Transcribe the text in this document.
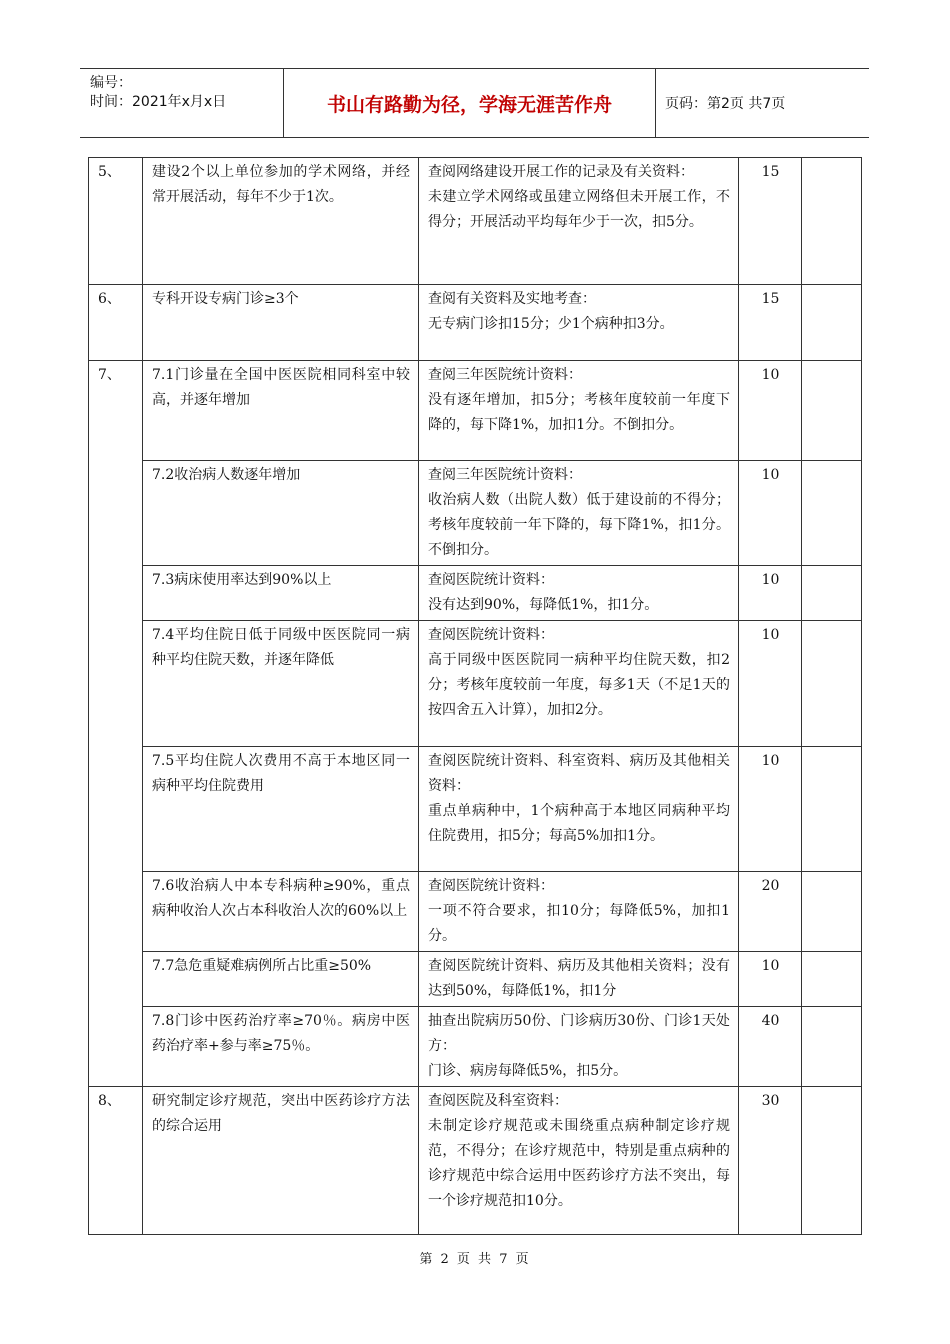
编号：
时间：2021年x月x日	书山有路勤为径，学海无涯苦作舟	页码：第2页 共7页
5、	建设2个以上单位参加的学术网络，并经常开展活动，每年不少于1次。	查阅网络建设开展工作的记录及有关资料：
未建立学术网络或虽建立网络但未开展工作，不得分；开展活动平均每年少于一次，扣5分。	15	
6、	专科开设专病门诊≥3个	查阅有关资料及实地考查：
无专病门诊扣15分；少1个病种扣3分。	15	
7、	7.1门诊量在全国中医医院相同科室中较高，并逐年增加	查阅三年医院统计资料：
没有逐年增加，扣5分；考核年度较前一年度下降的，每下降1%，加扣1分。不倒扣分。	10	
	7.2收治病人数逐年增加	查阅三年医院统计资料：
收治病人数（出院人数）低于建设前的不得分；考核年度较前一年下降的，每下降1%，扣1分。不倒扣分。	10	
	7.3病床使用率达到90%以上	查阅医院统计资料：
没有达到90%，每降低1%，扣1分。	10	
	7.4平均住院日低于同级中医医院同一病种平均住院天数，并逐年降低	查阅医院统计资料：
高于同级中医医院同一病种平均住院天数，扣2分；考核年度较前一年度，每多1天（不足1天的按四舍五入计算），加扣2分。	10	
	7.5平均住院人次费用不高于本地区同一病种平均住院费用	查阅医院统计资料、科室资料、病历及其他相关资料：
重点单病种中，1个病种高于本地区同病种平均住院费用，扣5分；每高5%加扣1分。	10	
	7.6收治病人中本专科病种≥90%，重点病种收治人次占本科收治人次的60%以上	查阅医院统计资料：
一项不符合要求，扣10分；每降低5%，加扣1分。	20	
	7.7急危重疑难病例所占比重≥50%	查阅医院统计资料、病历及其他相关资料；没有达到50%，每降低1%，扣1分	10	
	7.8门诊中医药治疗率≥70％。病房中医药治疗率+参与率≥75％。	抽查出院病历50份、门诊病历30份、门诊1天处方：
门诊、病房每降低5%，扣5分。	40	
8、	研究制定诊疗规范，突出中医药诊疗方法的综合运用	查阅医院及科室资料：
未制定诊疗规范或未围绕重点病种制定诊疗规范，不得分；在诊疗规范中，特别是重点病种的诊疗规范中综合运用中医药诊疗方法不突出，每一个诊疗规范扣10分。	30	
第 2 页 共 7 页
